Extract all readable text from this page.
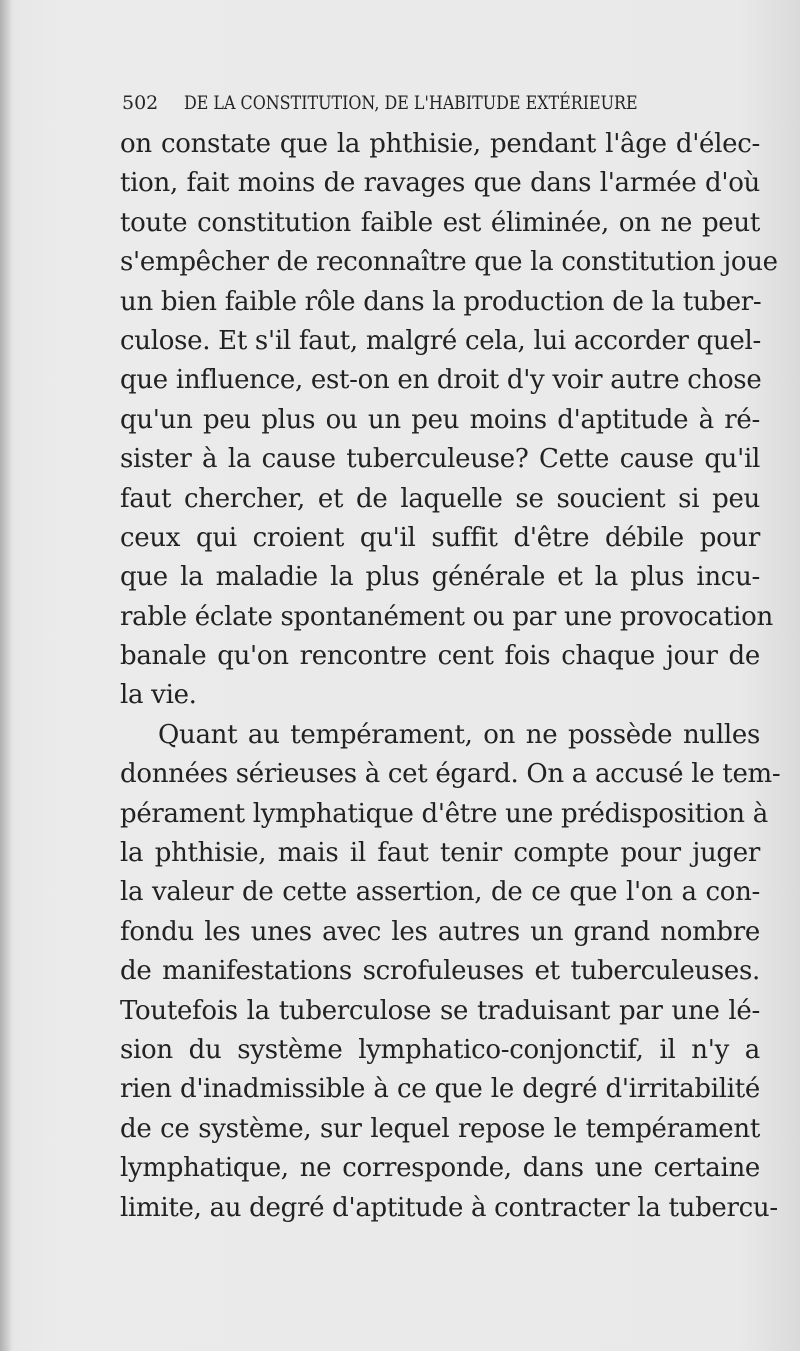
502 DE LA CONSTITUTION, DE L'HABITUDE EXTÉRIEURE
on constate que la phthisie, pendant l'âge d'élec-
tion, fait moins de ravages que dans l'armée d'où
toute constitution faible est éliminée, on ne peut
s'empêcher de reconnaître que la constitution joue
un bien faible rôle dans la production de la tuber-
culose. Et s'il faut, malgré cela, lui accorder quel-
que influence, est-on en droit d'y voir autre chose
qu'un peu plus ou un peu moins d'aptitude à ré-
sister à la cause tuberculeuse? Cette cause qu'il
faut chercher, et de laquelle se soucient si peu
ceux qui croient qu'il suffit d'être débile pour
que la maladie la plus générale et la plus incu-
rable éclate spontanément ou par une provocation
banale qu'on rencontre cent fois chaque jour de
la vie.
Quant au tempérament, on ne possède nulles
données sérieuses à cet égard. On a accusé le tem-
pérament lymphatique d'être une prédisposition à
la phthisie, mais il faut tenir compte pour juger
la valeur de cette assertion, de ce que l'on a con-
fondu les unes avec les autres un grand nombre
de manifestations scrofuleuses et tuberculeuses.
Toutefois la tuberculose se traduisant par une lé-
sion du système lymphatico-conjonctif, il n'y a
rien d'inadmissible à ce que le degré d'irritabilité
de ce système, sur lequel repose le tempérament
lymphatique, ne corresponde, dans une certaine
limite, au degré d'aptitude à contracter la tubercu-
